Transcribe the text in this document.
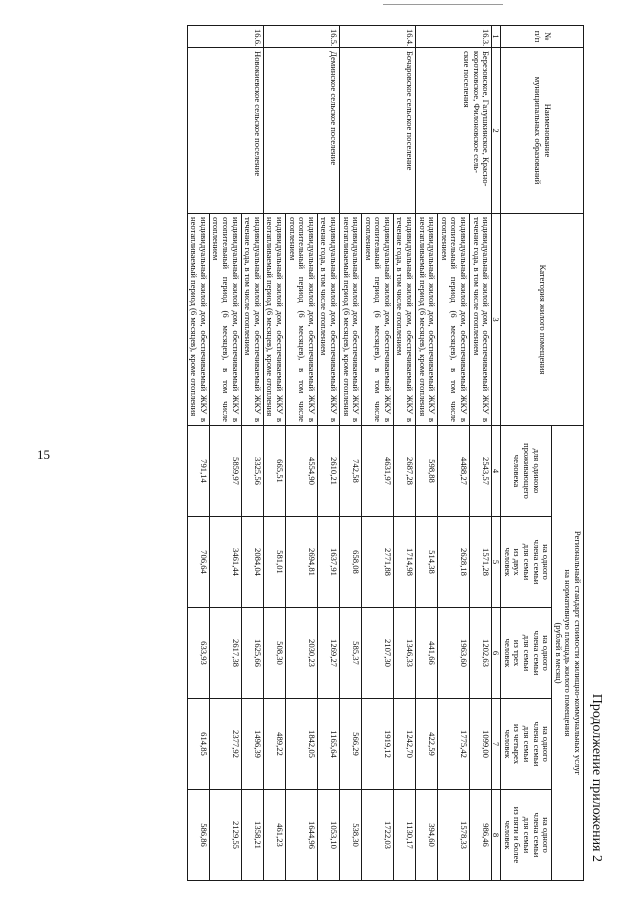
15
Продолжение приложения 2
№
п/п	Наименование
муниципальных образований	Категория жилого помещения	Региональный стандарт стоимости жилищно-коммунальных услуг
на нормативную площадь жилого помещения
(рублей в месяц)				
			для одиноко
проживающего
человека	на одного
члена семьи
для семьи
из двух
человек	на одного
члена семьи
для семьи
из трех
человек	на одного
члена семьи
для семьи
из четырех
человек	на одного
члена семьи
для семьи
из пяти и более
человек
1	2	3	4	5	6	7	8
16.3.	Березовское, Галушкинское, Красно-
коротковское, Филоновское сель-
ские поселения	индивидуальный жилой дом, обеспечиваемый ЖКУ в течение года, в том числе отоплением	2543,57	1571,28	1202,63	1099,00	986,46
		индивидуальный жилой дом, обеспечиваемый ЖКУ в отопительный период (6 месяцев), в том числе отоплением	4488,27	2628,18	1963,60	1775,42	1578,33
		индивидуальный жилой дом, обеспечиваемый ЖКУ в неотапливаемый период (6 месяцев), кроме отопления	598,88	514,38	441,66	422,59	394,60
16.4.	Бочаровское сельское поселение	индивидуальный жилой дом, обеспечиваемый ЖКУ в течение года, в том числе отоплением	2687,28	1714,98	1346,33	1242,70	1130,17
		индивидуальный жилой дом, обеспечиваемый ЖКУ в отопительный период (6 месяцев), в том числе отоплением	4631,97	2771,88	2107,30	1919,12	1722,03
		индивидуальный жилой дом, обеспечиваемый ЖКУ в неотапливаемый период (6 месяцев), кроме отопления	742,58	658,08	585,37	566,29	538,30
16.5.	Деминское сельское поселение	индивидуальный жилой дом, обеспечиваемый ЖКУ в течение года, в том числе отоплением	2610,21	1637,91	1269,27	1165,64	1053,10
		индивидуальный жилой дом, обеспечиваемый ЖКУ в отопительный период (6 месяцев), в том числе отоплением	4554,90	2694,81	2030,23	1842,05	1644,96
		индивидуальный жилой дом, обеспечиваемый ЖКУ в неотапливаемый период (6 месяцев), кроме отопления	665,51	581,01	508,30	489,22	461,23
16.6.	Новокиевское сельское поселение	индивидуальный жилой дом, обеспечиваемый ЖКУ в течение года, в том числе отоплением	3325,56	2084,04	1625,66	1496,39	1358,21
		индивидуальный жилой дом, обеспечиваемый ЖКУ в отопительный период (6 месяцев), в том числе отоплением	5859,97	3461,44	2617,38	2377,92	2129,55
		индивидуальный жилой дом, обеспечиваемый ЖКУ в неотапливаемый период (6 месяцев), кроме отопления	791,14	706,64	633,93	614,85	586,86
